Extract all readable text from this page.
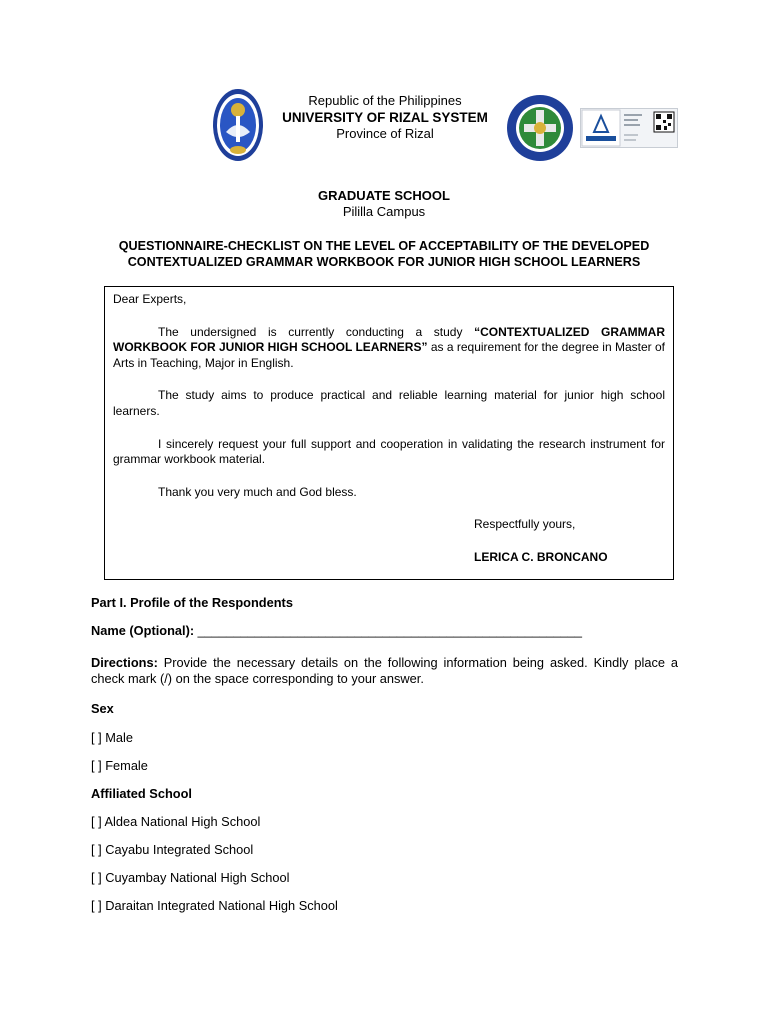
Republic of the Philippines
UNIVERSITY OF RIZAL SYSTEM
Province of Rizal
GRADUATE SCHOOL
Pililla Campus
QUESTIONNAIRE-CHECKLIST ON THE LEVEL OF ACCEPTABILITY OF THE DEVELOPED
CONTEXTUALIZED GRAMMAR WORKBOOK FOR JUNIOR HIGH SCHOOL LEARNERS

Dear Experts,

The undersigned is currently conducting a study “CONTEXTUALIZED GRAMMAR WORKBOOK FOR JUNIOR HIGH SCHOOL LEARNERS” as a requirement for the degree in Master of Arts in Teaching, Major in English.

The study aims to produce practical and reliable learning material for junior high school learners.

I sincerely request your full support and cooperation in validating the research instrument for grammar workbook material.

Thank you very much and God bless.

Respectfully yours,

LERICA C. BRONCANO

Part I. Profile of the Respondents
Name (Optional): ______________________________________________________
Directions: Provide the necessary details on the following information being asked. Kindly place a check mark (/) on the space corresponding to your answer.
Sex
[ ] Male
[ ] Female
Affiliated School
[ ] Aldea National High School
[ ] Cayabu Integrated School
[ ] Cuyambay National High School
[ ] Daraitan Integrated National High School
